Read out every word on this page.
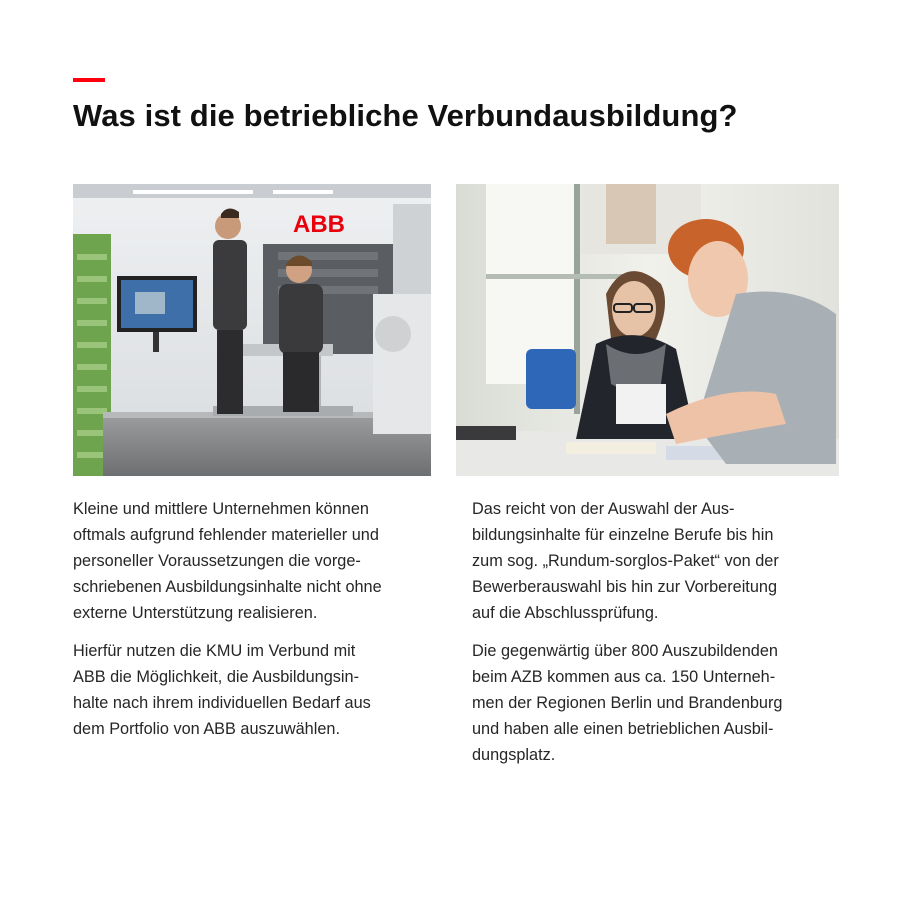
Was ist die betriebliche Verbundausbildung?
ABB

Kleine und mittlere Unternehmen können
oftmals aufgrund fehlender materieller und
personeller Voraussetzungen die vorge-
schriebenen Ausbildungsinhalte nicht ohne
externe Unterstützung realisieren.

Hierfür nutzen die KMU im Verbund mit
ABB die Möglichkeit, die Ausbildungsin-
halte nach ihrem individuellen Bedarf aus
dem Portfolio von ABB auszuwählen.

Das reicht von der Auswahl der Aus-
bildungsinhalte für einzelne Berufe bis hin
zum sog. „Rundum-sorglos-Paket“ von der
Bewerberauswahl bis hin zur Vorbereitung
auf die Abschlussprüfung.

Die gegenwärtig über 800 Auszubildenden
beim AZB kommen aus ca. 150 Unterneh-
men der Regionen Berlin und Brandenburg
und haben alle einen betrieblichen Ausbil-
dungsplatz.
